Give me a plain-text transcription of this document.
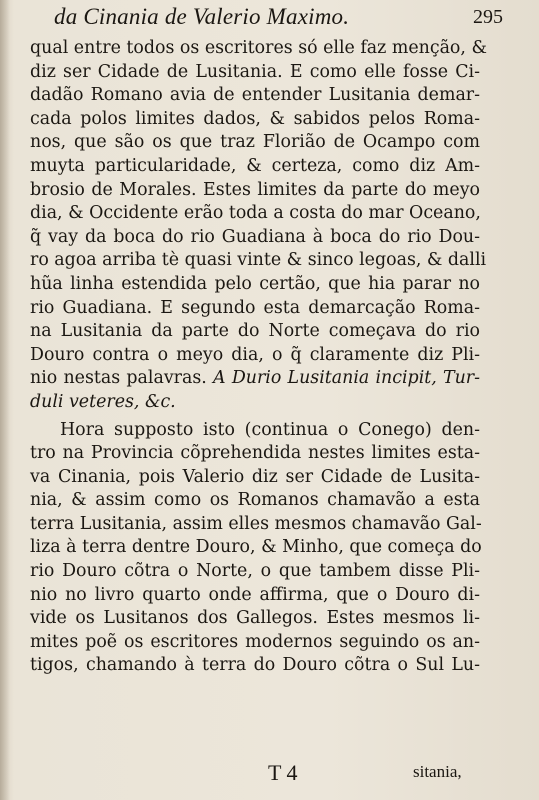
da Cinania de Valerio Maximo.	295
qual entre todos os escritores só elle faz menção, &
diz ser Cidade de Lusitania. E como elle fosse Ci-
dadão Romano avia de entender Lusitania demar-
cada polos limites dados, & sabidos pelos Roma-
nos, que são os que traz Florião de Ocampo com
muyta particularidade, & certeza, como diz Am-
brosio de Morales. Estes limites da parte do meyo
dia, & Occidente erão toda a costa do mar Oceano,
q̃ vay da boca do rio Guadiana à boca do rio Dou-
ro agoa arriba tè quasi vinte & sinco legoas, & dalli
hũa linha estendida pelo certão, que hia parar no
rio Guadiana. E segundo esta demarcação Roma-
na Lusitania da parte do Norte começava do rio
Douro contra o meyo dia, o q̃ claramente diz Pli-
nio nestas palavras. A Durio Lusitania incipit, Tur-
duli veteres, &c.
Hora supposto isto (continua o Conego) den-
tro na Provincia cõprehendida nestes limites esta-
va Cinania, pois Valerio diz ser Cidade de Lusita-
nia, & assim como os Romanos chamavão a esta
terra Lusitania, assim elles mesmos chamavão Gal-
liza à terra dentre Douro, & Minho, que começa do
rio Douro cõtra o Norte, o que tambem disse Pli-
nio no livro quarto onde affirma, que o Douro di-
vide os Lusitanos dos Gallegos. Estes mesmos li-
mites poẽ os escritores modernos seguindo os an-
tigos, chamando à terra do Douro cõtra o Sul Lu-
T 4	sitania,
